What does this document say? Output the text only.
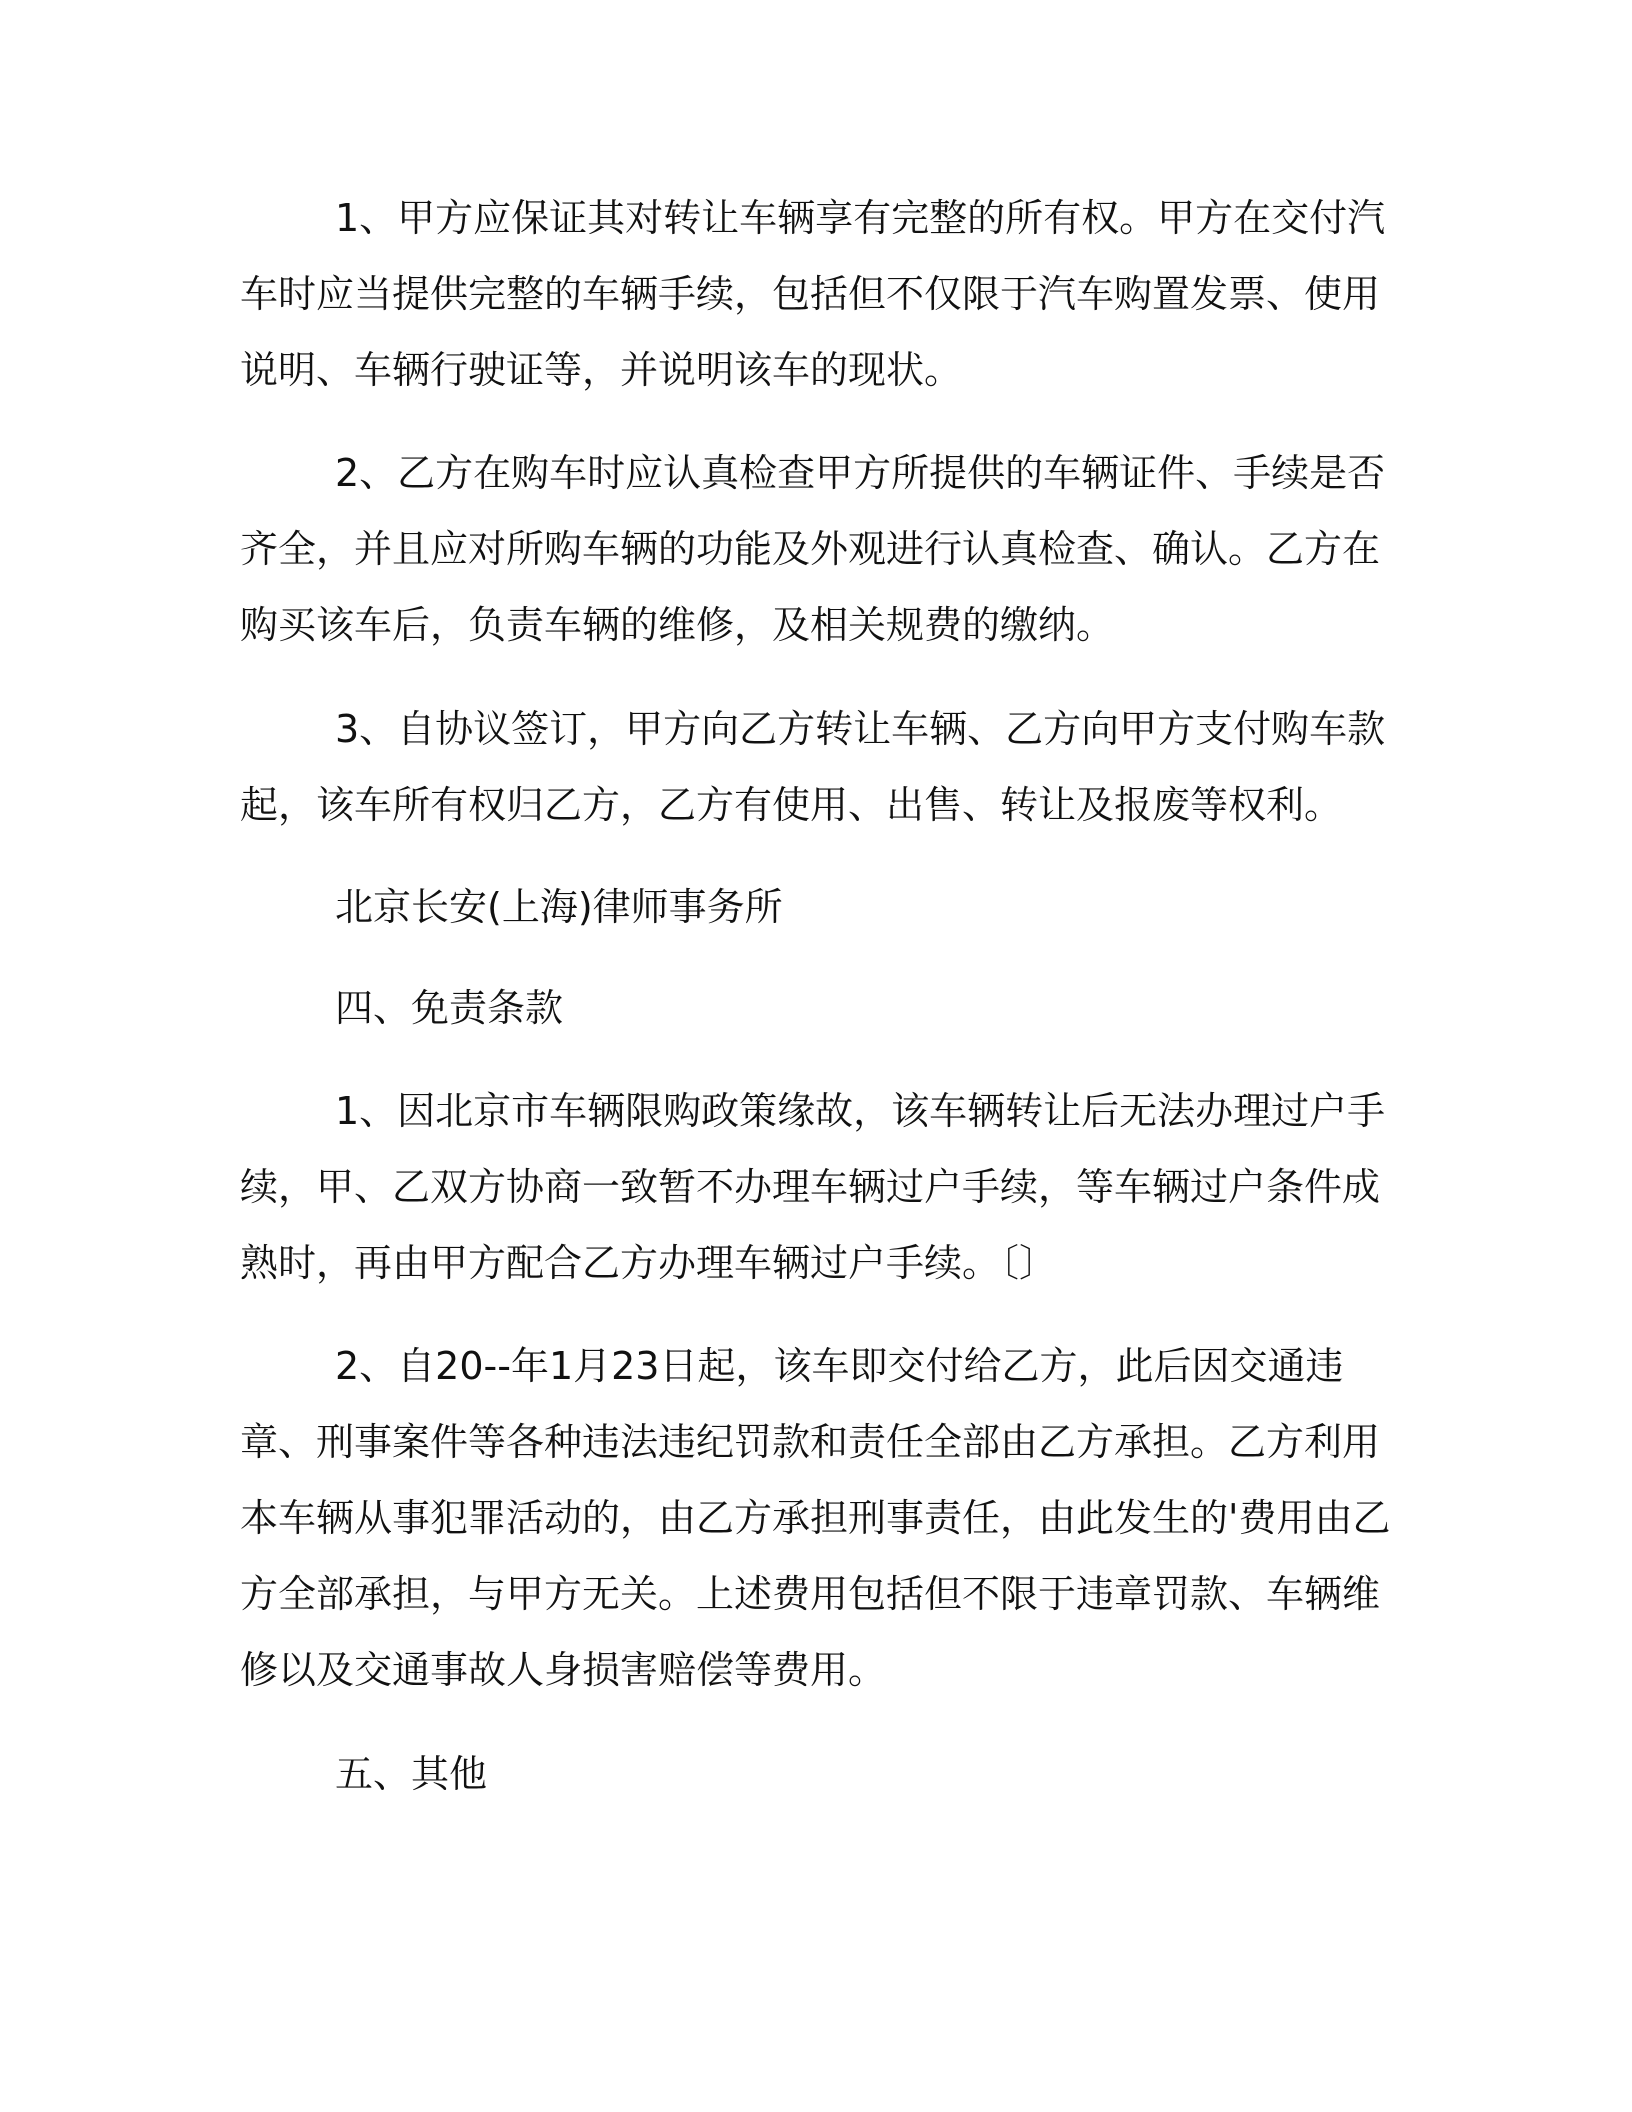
1、甲方应保证其对转让车辆享有完整的所有权。甲方在交付汽
车时应当提供完整的车辆手续，包括但不仅限于汽车购置发票、使用
说明、车辆行驶证等，并说明该车的现状。
2、乙方在购车时应认真检查甲方所提供的车辆证件、手续是否
齐全，并且应对所购车辆的功能及外观进行认真检查、确认。乙方在
购买该车后，负责车辆的维修，及相关规费的缴纳。
3、自协议签订，甲方向乙方转让车辆、乙方向甲方支付购车款
起，该车所有权归乙方，乙方有使用、出售、转让及报废等权利。
北京长安(上海)律师事务所
四、免责条款
1、因北京市车辆限购政策缘故，该车辆转让后无法办理过户手
续，甲、乙双方协商一致暂不办理车辆过户手续，等车辆过户条件成
熟时，再由甲方配合乙方办理车辆过户手续。〔〕
2、自20--年1月23日起，该车即交付给乙方，此后因交通违
章、刑事案件等各种违法违纪罚款和责任全部由乙方承担。乙方利用
本车辆从事犯罪活动的，由乙方承担刑事责任，由此发生的'费用由乙
方全部承担，与甲方无关。上述费用包括但不限于违章罚款、车辆维
修以及交通事故人身损害赔偿等费用。
五、其他
